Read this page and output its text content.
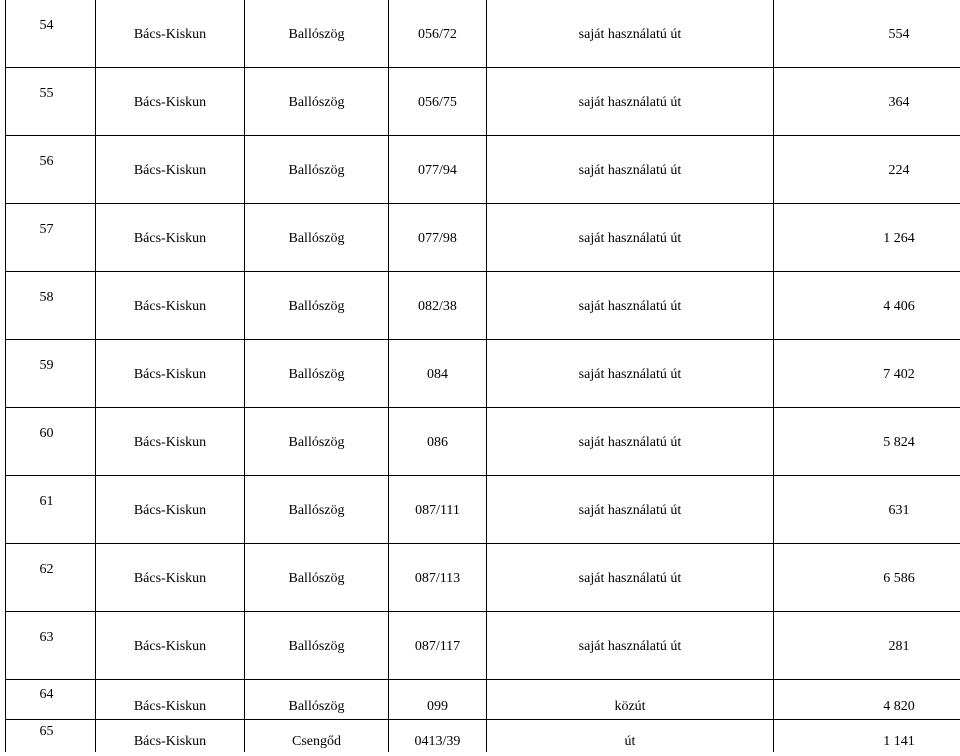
54	Bács-Kiskun	Ballószög	056/72	saját használatú út	554

55	Bács-Kiskun	Ballószög	056/75	saját használatú út	364

56	Bács-Kiskun	Ballószög	077/94	saját használatú út	224

57	Bács-Kiskun	Ballószög	077/98	saját használatú út	1 264

58	Bács-Kiskun	Ballószög	082/38	saját használatú út	4 406

59	Bács-Kiskun	Ballószög	084	saját használatú út	7 402

60	Bács-Kiskun	Ballószög	086	saját használatú út	5 824

61	Bács-Kiskun	Ballószög	087/111	saját használatú út	631

62	Bács-Kiskun	Ballószög	087/113	saját használatú út	6 586

63	Bács-Kiskun	Ballószög	087/117	saját használatú út	281

64	Bács-Kiskun	Ballószög	099	közút	4 820

65	Bács-Kiskun	Csengőd	0413/39	út	1 141
